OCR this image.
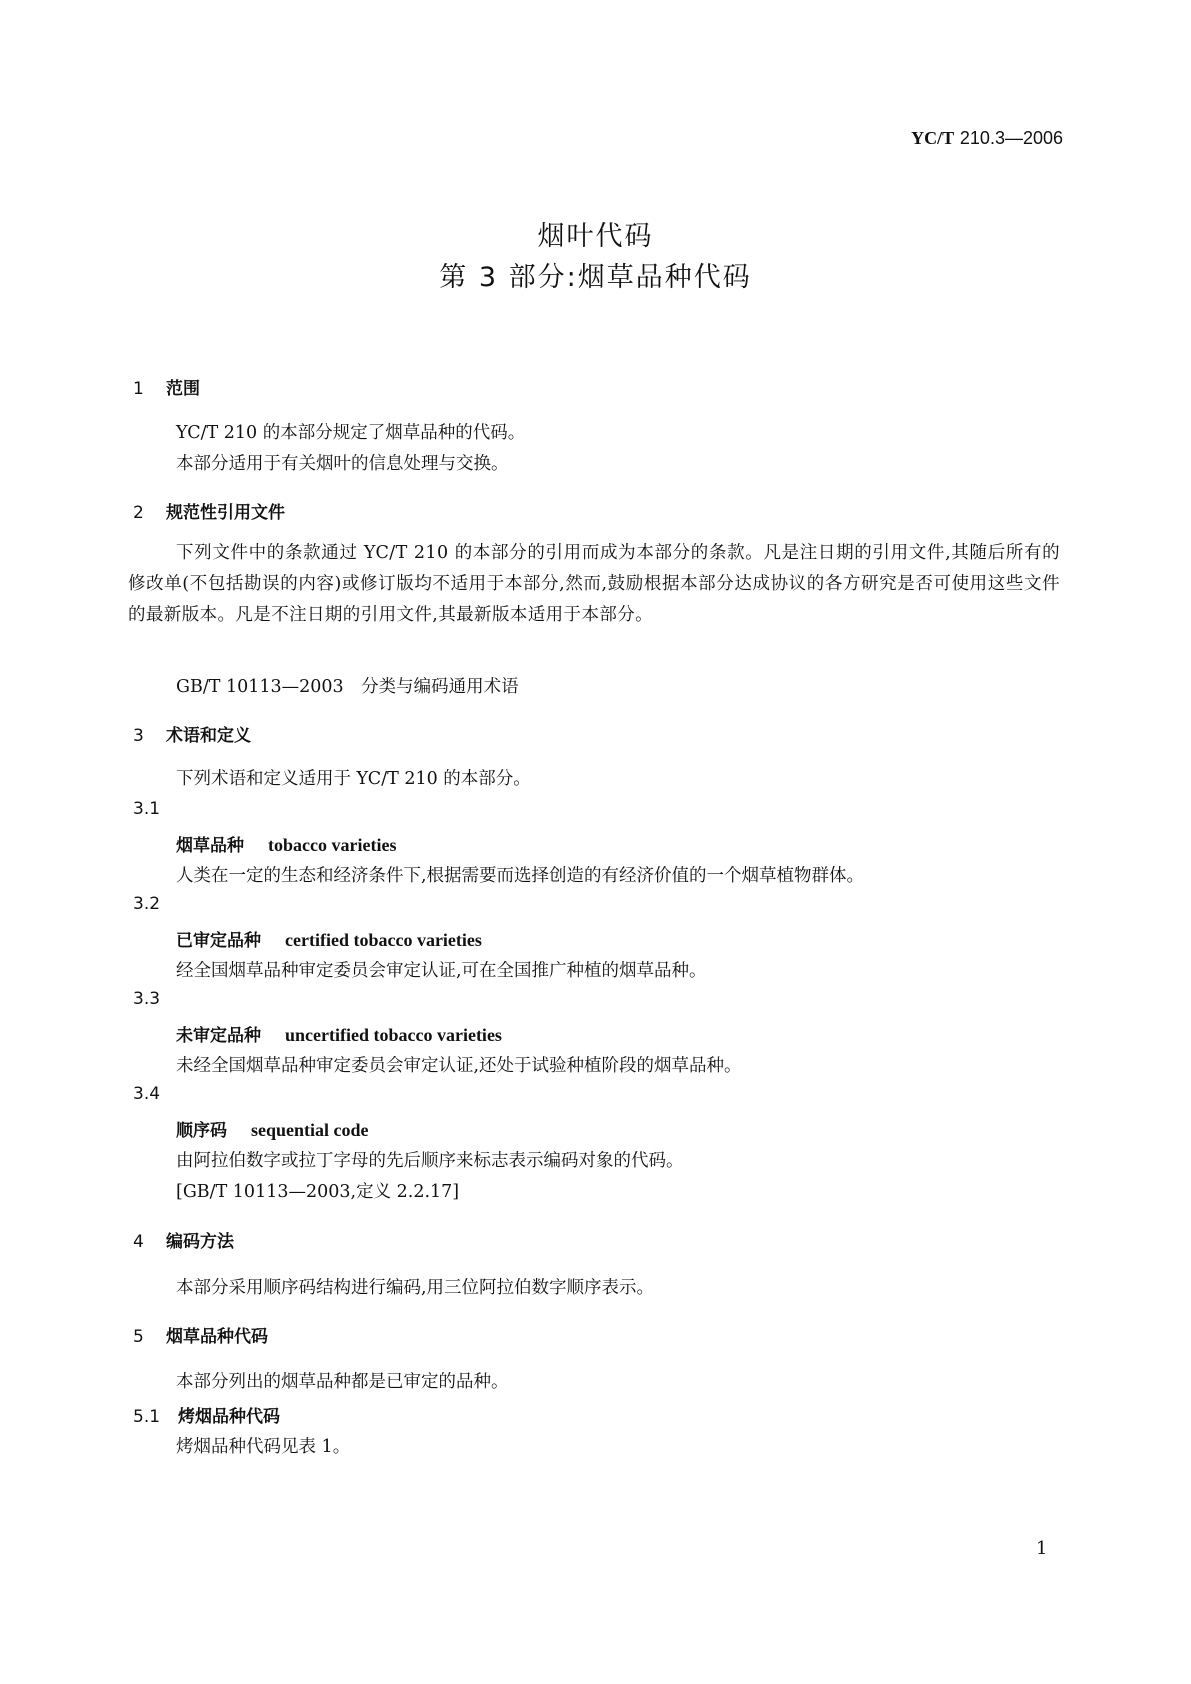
YC/T 210.3—2006
烟叶代码
第 3 部分:烟草品种代码
1 范围
YC/T 210 的本部分规定了烟草品种的代码。
本部分适用于有关烟叶的信息处理与交换。
2 规范性引用文件
下列文件中的条款通过 YC/T 210 的本部分的引用而成为本部分的条款。凡是注日期的引用文件,其随后所有的修改单(不包括勘误的内容)或修订版均不适用于本部分,然而,鼓励根据本部分达成协议的各方研究是否可使用这些文件的最新版本。凡是不注日期的引用文件,其最新版本适用于本部分。
GB/T 10113—2003　分类与编码通用术语
3 术语和定义
下列术语和定义适用于 YC/T 210 的本部分。
3.1
烟草品种 tobacco varieties
人类在一定的生态和经济条件下,根据需要而选择创造的有经济价值的一个烟草植物群体。
3.2
已审定品种 certified tobacco varieties
经全国烟草品种审定委员会审定认证,可在全国推广种植的烟草品种。
3.3
未审定品种 uncertified tobacco varieties
未经全国烟草品种审定委员会审定认证,还处于试验种植阶段的烟草品种。
3.4
顺序码 sequential code
由阿拉伯数字或拉丁字母的先后顺序来标志表示编码对象的代码。
[GB/T 10113—2003,定义 2.2.17]
4 编码方法
本部分采用顺序码结构进行编码,用三位阿拉伯数字顺序表示。
5 烟草品种代码
本部分列出的烟草品种都是已审定的品种。
5.1 烤烟品种代码
烤烟品种代码见表 1。
1
